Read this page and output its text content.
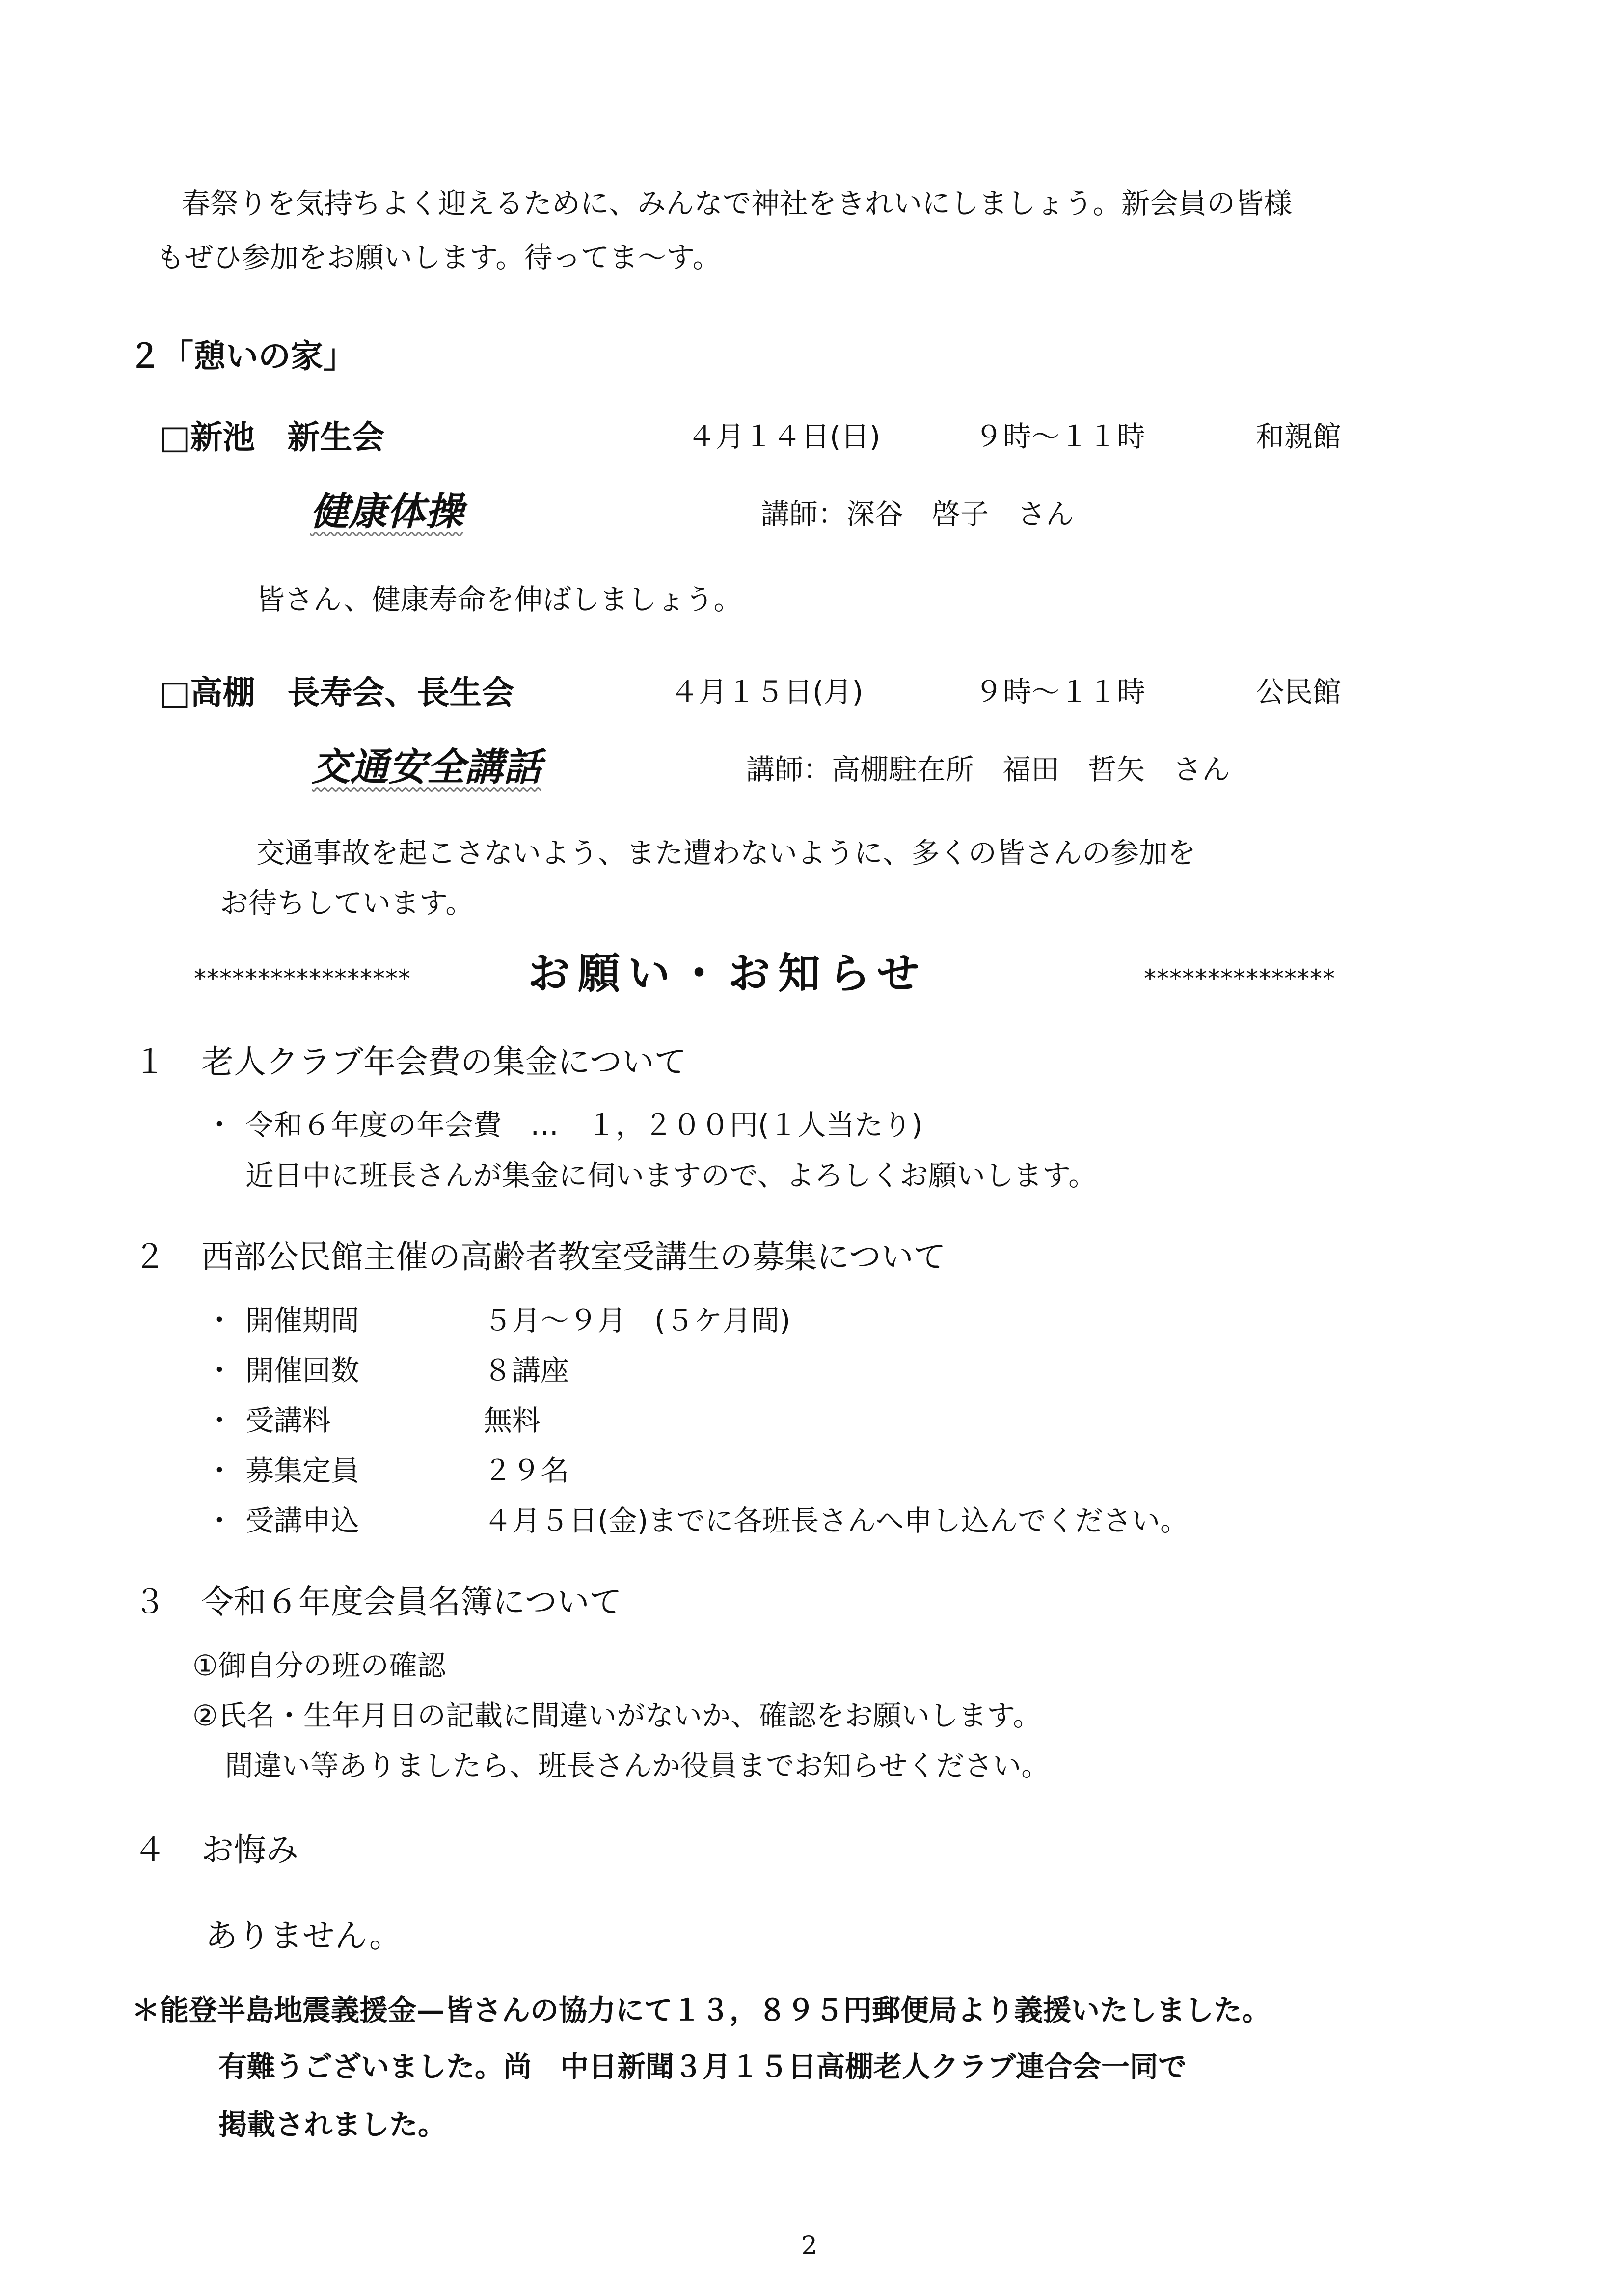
春祭りを気持ちよく迎えるために、みんなで神社をきれいにしましょう。新会員の皆様
もぜひ参加をお願いします。待ってま〜す。
２「憩いの家」
□新池　新生会	４月１４日(日)	９時〜１１時	和親館
健康体操	講師：深谷　啓子　さん
皆さん、健康寿命を伸ばしましょう。
□高棚　長寿会、長生会	４月１５日(月)	９時〜１１時	公民館
交通安全講話	講師：高棚駐在所　福田　哲矢　さん
交通事故を起こさないよう、また遭わないように、多くの皆さんの参加を
お待ちしています。
*****************	お願い・お知らせ	***************
１ 老人クラブ年会費の集金について
・ 令和６年度の年会費　…　１，２００円(１人当たり)
近日中に班長さんが集金に伺いますので、よろしくお願いします。
２ 西部公民館主催の高齢者教室受講生の募集について
・ 開催期間	５月〜９月　(５ケ月間)
・ 開催回数	８講座
・ 受講料	無料
・ 募集定員	２９名
・ 受講申込	４月５日(金)までに各班長さんへ申し込んでください。
３ 令和６年度会員名簿について
①御自分の班の確認
②氏名・生年月日の記載に間違いがないか、確認をお願いします。
間違い等ありましたら、班長さんか役員までお知らせください。
４ お悔み
ありません。
＊能登半島地震義援金—皆さんの協力にて１３，８９５円郵便局より義援いたしました。
有難うございました。尚　中日新聞３月１５日高棚老人クラブ連合会一同で
掲載されました。
2
